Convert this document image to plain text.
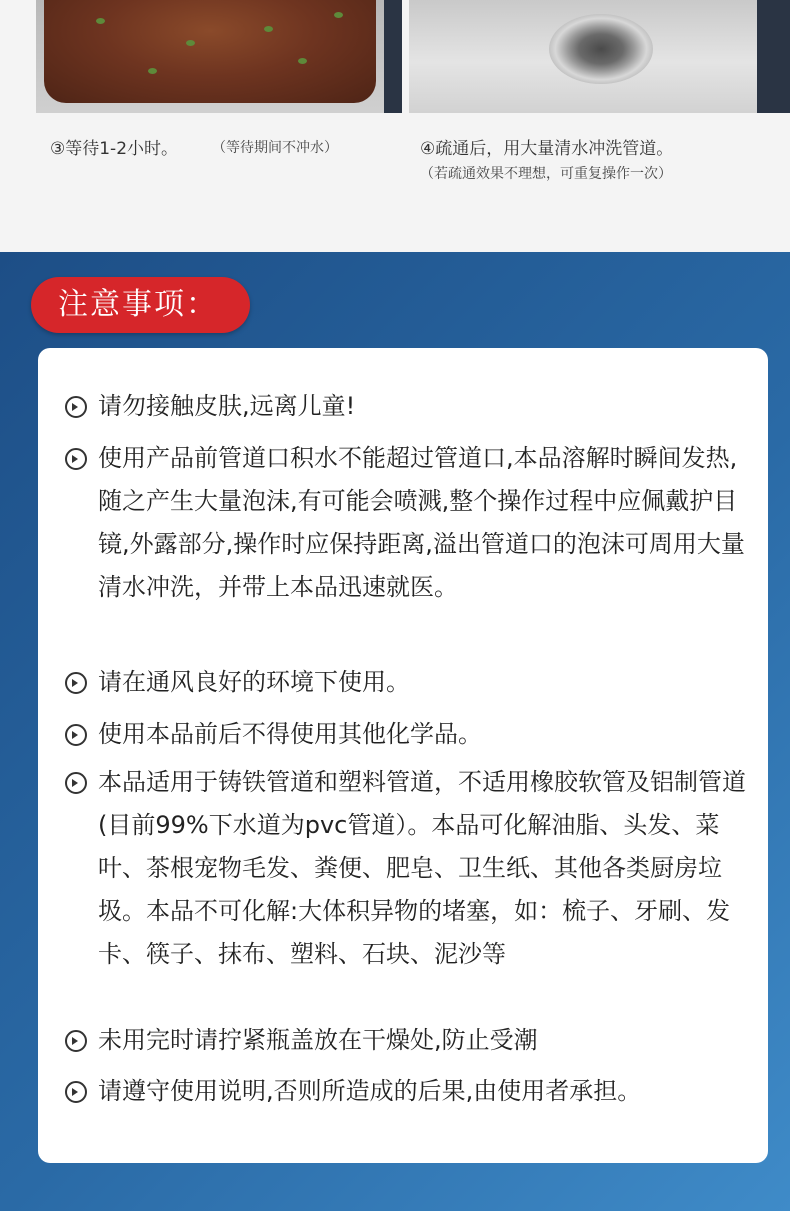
③等待1-2小时。 （等待期间不冲水）	④疏通后，用大量清水冲洗管道。
（若疏通效果不理想，可重复操作一次）
注意事项：
请勿接触皮肤,远离儿童!
使用产品前管道口积水不能超过管道口,本品溶解时瞬间发热,随之产生大量泡沫,有可能会喷溅,整个操作过程中应佩戴护目镜,外露部分,操作时应保持距离,溢出管道口的泡沫可周用大量清水冲洗，并带上本品迅速就医。
请在通风良好的环境下使用。
使用本品前后不得使用其他化学品。
本品适用于铸铁管道和塑料管道，不适用橡胶软管及铝制管道(目前99%下水道为pvc管道）。本品可化解油脂、头发、菜叶、茶根宠物毛发、粪便、肥皂、卫生纸、其他各类厨房垃圾。本品不可化解:大体积异物的堵塞，如：梳子、牙刷、发卡、筷子、抹布、塑料、石块、泥沙等
未用完时请拧紧瓶盖放在干燥处,防止受潮
请遵守使用说明,否则所造成的后果,由使用者承担。
